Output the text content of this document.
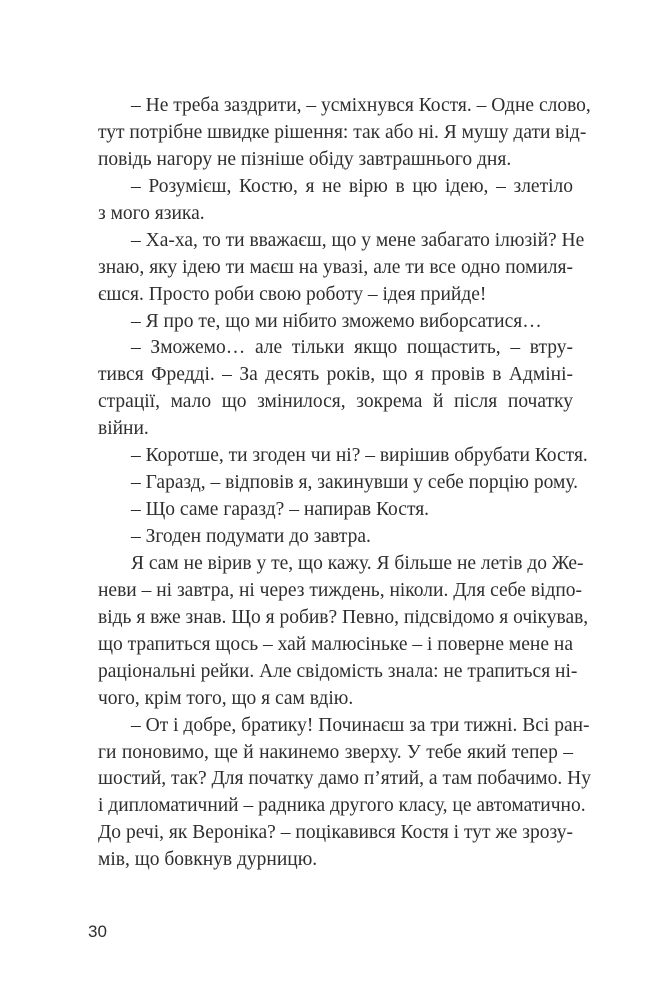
– Не треба заздрити, – усміхнувся Костя. – Одне слово,
тут потрібне швидке рішення: так або ні. Я мушу дати від-
повідь нагору не пізніше обіду завтрашнього дня.
– Розумієш, Костю, я не вірю в цю ідею, – злетіло
з мого язика.
– Ха-ха, то ти вважаєш, що у мене забагато ілюзій? Не
знаю, яку ідею ти маєш на увазі, але ти все одно помиля-
єшся. Просто роби свою роботу – ідея прийде!
– Я про те, що ми нібито зможемо виборсатися…
– Зможемо… але тільки якщо пощастить, – втру-
тився Фредді. – За десять років, що я провів в Адміні-
страції, мало що змінилося, зокрема й після початку
війни.
– Коротше, ти згоден чи ні? – вирішив обрубати Костя.
– Гаразд, – відповів я, закинувши у себе порцію рому.
– Що саме гаразд? – напирав Костя.
– Згоден подумати до завтра.
Я сам не вірив у те, що кажу. Я більше не летів до Же-
неви – ні завтра, ні через тиждень, ніколи. Для себе відпо-
відь я вже знав. Що я робив? Певно, підсвідомо я очікував,
що трапиться щось – хай малюсіньке – і поверне мене на
раціональні рейки. Але свідомість знала: не трапиться ні-
чого, крім того, що я сам вдію.
– От і добре, братику! Починаєш за три тижні. Всі ран-
ги поновимо, ще й накинемо зверху. У тебе який тепер –
шостий, так? Для початку дамо п’ятий, а там побачимо. Ну
і дипломатичний – радника другого класу, це автоматично.
До речі, як Вероніка? – поцікавився Костя і тут же зрозу-
мів, що бовкнув дурницю.
30
